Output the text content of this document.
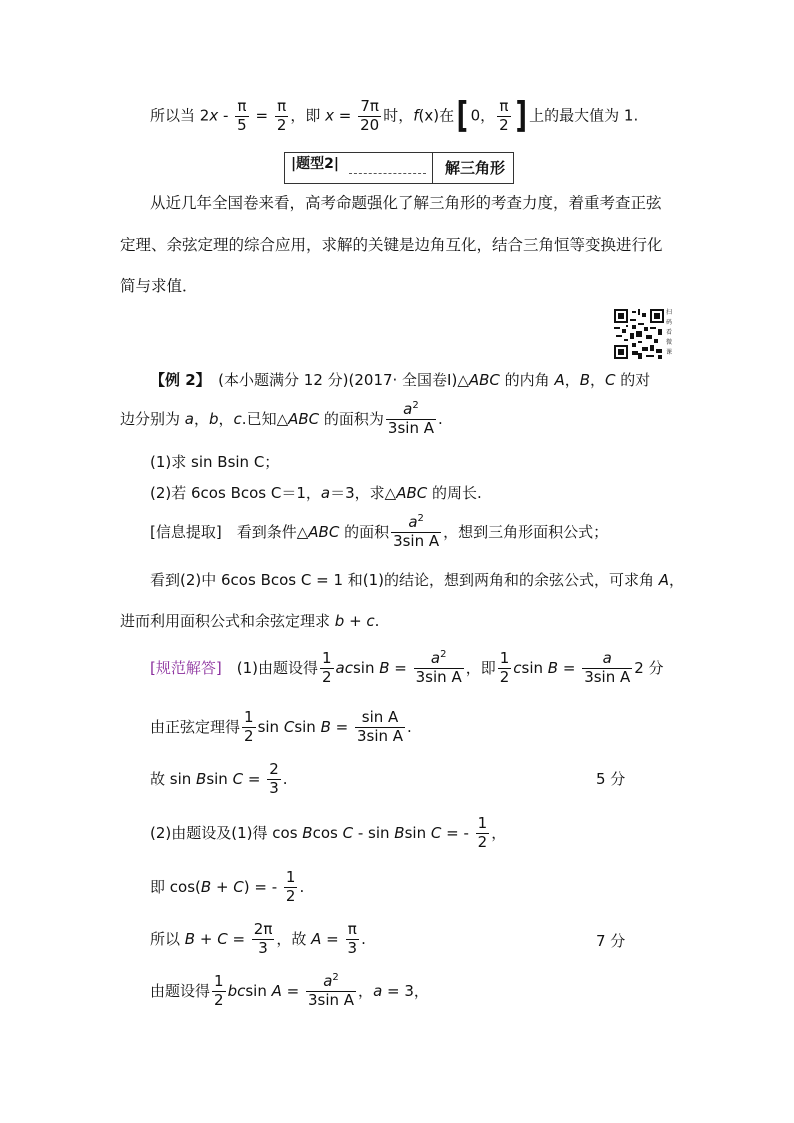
所以当 $2x - \frac{\pi}{5} = \frac{\pi}{2}$ ，即 $x = \frac{7\pi}{20}$ 时，f(x)在[ 0， $\frac{\pi}{2}$ ] 上的最大值为 1.
|题型2|	解三角形
从近几年全国卷来看，高考命题强化了解三角形的考查力度，着重考查正弦
定理、余弦定理的综合应用，求解的关键是边角互化，结合三角恒等变换进行化
简与求值．
扫码看微课
【例 2】　(本小题满分 12 分)(2017· 全国卷Ⅰ)△ABC 的内角 A，B，C 的对
边分别为 a，b，c.已知△ABC 的面积为 $\frac{a^2}{\text{3sin A}}$ .
(1)求 sin Bsin C；
(2)若 6cos Bcos C＝1，a＝3，求△ABC 的周长.
[信息提取]　看到条件△ABC 的面积 $\frac{a^2}{\text{3sin A}}$ ，想到三角形面积公式；
看到(2)中 6cos Bcos C = 1 和(1)的结论，想到两角和的余弦公式，可求角 A，
进而利用面积公式和余弦定理求 b + c.
[规范解答]　(1)由题设得 $\frac{1}{2}$ acsin $B = \frac{a^2}{\text{3sin A}}$ ，即 $\frac{1}{2}$ csin $B = \frac{a}{\text{3sin A}} 2$ 分
由正弦定理得 $\frac{1}{2}$ sin Csin $B = \frac{\text{sin A}}{\text{3sin A}}$ .
故 sin Bsin $C = \frac{2}{3}$ .	5 分
(2)由题设及(1)得 cos Bcos C - sin Bsin C = - $\frac{1}{2}$ ，
即 cos(B + C) = - $\frac{1}{2}$ .
所以 $B + C = \frac{2\pi}{3}$ ，故 $A = \frac{\pi}{3}$ .	7 分
由题设得 $\frac{1}{2}$ bcsin $A = \frac{a^2}{\text{3sin A}}$ ，a = 3，
